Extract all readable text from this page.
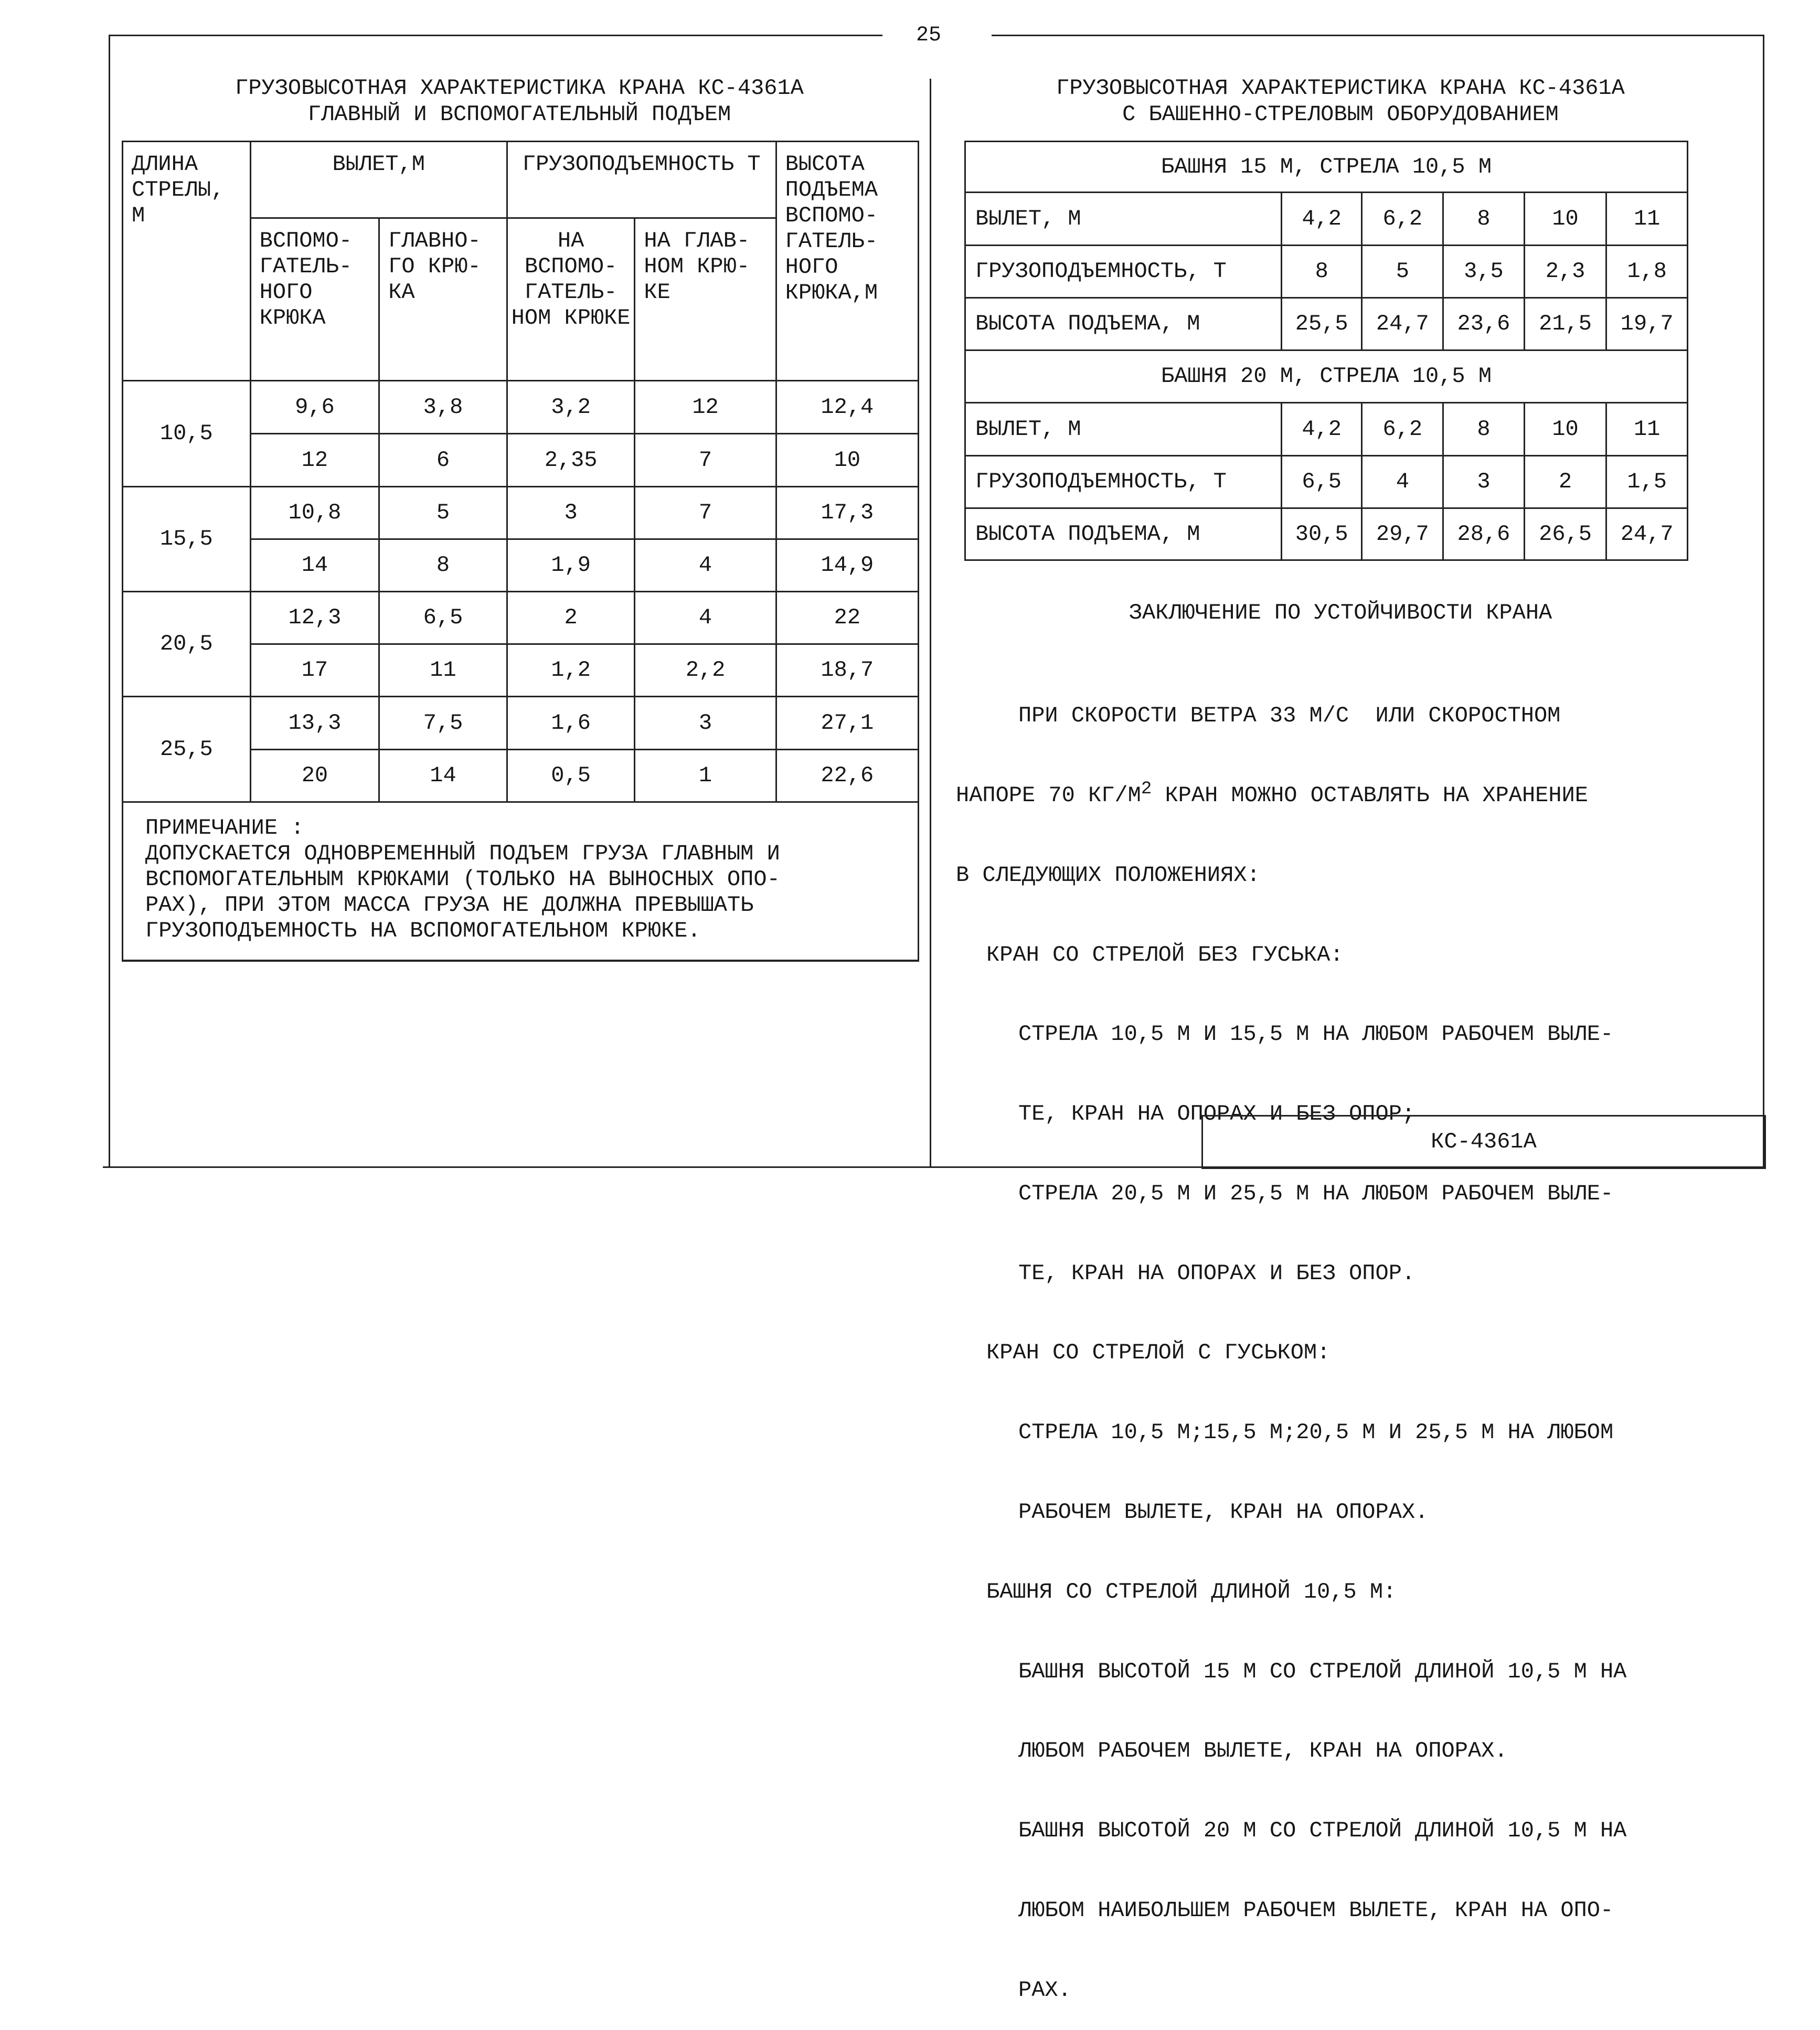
25
ГРУЗОВЫСОТНАЯ ХАРАКТЕРИСТИКА КРАНА КС-4361А
ГЛАВНЫЙ И ВСПОМОГАТЕЛЬНЫЙ ПОДЪЕМ
ДЛИНА СТРЕЛЫ, М	ВЫЛЕТ,М		ГРУЗОПОДЪЕМНОСТЬ Т		ВЫСОТА ПОДЪЕМА ВСПОМО-ГАТЕЛЬ-НОГО КРЮКА,М
	ВСПОМО-ГАТЕЛЬ-НОГО КРЮКА	ГЛАВНО-ГО КРЮ-КА	НА ВСПОМО-ГАТЕЛЬ-НОМ КРЮКЕ	НА ГЛАВ-НОМ КРЮ-КЕ	
10,5	9,6	3,8	3,2	12	12,4
	12	6	2,35	7	10
15,5	10,8	5	3	7	17,3
	14	8	1,9	4	14,9
20,5	12,3	6,5	2	4	22
	17	11	1,2	2,2	18,7
25,5	13,3	7,5	1,6	3	27,1
	20	14	0,5	1	22,6

ПРИМЕЧАНИЕ :
ДОПУСКАЕТСЯ ОДНОВРЕМЕННЫЙ ПОДЪЕМ ГРУЗА ГЛАВНЫМ И
ВСПОМОГАТЕЛЬНЫМ КРЮКАМИ (ТОЛЬКО НА ВЫНОСНЫХ ОПО-
РАХ), ПРИ ЭТОМ МАССА ГРУЗА НЕ ДОЛЖНА ПРЕВЫШАТЬ
ГРУЗОПОДЪЕМНОСТЬ НА ВСПОМОГАТЕЛЬНОМ КРЮКЕ.					
ГРУЗОВЫСОТНАЯ ХАРАКТЕРИСТИКА КРАНА КС-4361А
С БАШЕННО-СТРЕЛОВЫМ ОБОРУДОВАНИЕМ
БАШНЯ 15 М, СТРЕЛА 10,5 М					
ВЫЛЕТ, М	4,2	6,2	8	10	11
ГРУЗОПОДЪЕМНОСТЬ, Т	8	5	3,5	2,3	1,8
ВЫСОТА ПОДЪЕМА, М	25,5	24,7	23,6	21,5	19,7
БАШНЯ 20 М, СТРЕЛА 10,5 М					
ВЫЛЕТ, М	4,2	6,2	8	10	11
ГРУЗОПОДЪЕМНОСТЬ, Т	6,5	4	3	2	1,5
ВЫСОТА ПОДЪЕМА, М	30,5	29,7	28,6	26,5	24,7
ЗАКЛЮЧЕНИЕ ПО УСТОЙЧИВОСТИ КРАНА

ПРИ СКОРОСТИ ВЕТРА 33 М/С  ИЛИ СКОРОСТНОМ

НАПОРЕ 70 $КГ/М^2$ КРАН МОЖНО ОСТАВЛЯТЬ НА ХРАНЕНИЕ

В СЛЕДУЮЩИХ ПОЛОЖЕНИЯХ:

КРАН СО СТРЕЛОЙ БЕЗ ГУСЬКА:

СТРЕЛА 10,5 М И 15,5 М НА ЛЮБОМ РАБОЧЕМ ВЫЛЕ-

ТЕ, КРАН НА ОПОРАХ И БЕЗ ОПОР;

СТРЕЛА 20,5 М И 25,5 М НА ЛЮБОМ РАБОЧЕМ ВЫЛЕ-

ТЕ, КРАН НА ОПОРАХ И БЕЗ ОПОР.

КРАН СО СТРЕЛОЙ С ГУСЬКОМ:

СТРЕЛА 10,5 М;15,5 М;20,5 М И 25,5 М НА ЛЮБОМ

РАБОЧЕМ ВЫЛЕТЕ, КРАН НА ОПОРАХ.

БАШНЯ СО СТРЕЛОЙ ДЛИНОЙ 10,5 М:

БАШНЯ ВЫСОТОЙ 15 М СО СТРЕЛОЙ ДЛИНОЙ 10,5 М НА

ЛЮБОМ РАБОЧЕМ ВЫЛЕТЕ, КРАН НА ОПОРАХ.

БАШНЯ ВЫСОТОЙ 20 М СО СТРЕЛОЙ ДЛИНОЙ 10,5 М НА

ЛЮБОМ НАИБОЛЬШЕМ РАБОЧЕМ ВЫЛЕТЕ, КРАН НА ОПО-

РАХ.

КС-4361А
